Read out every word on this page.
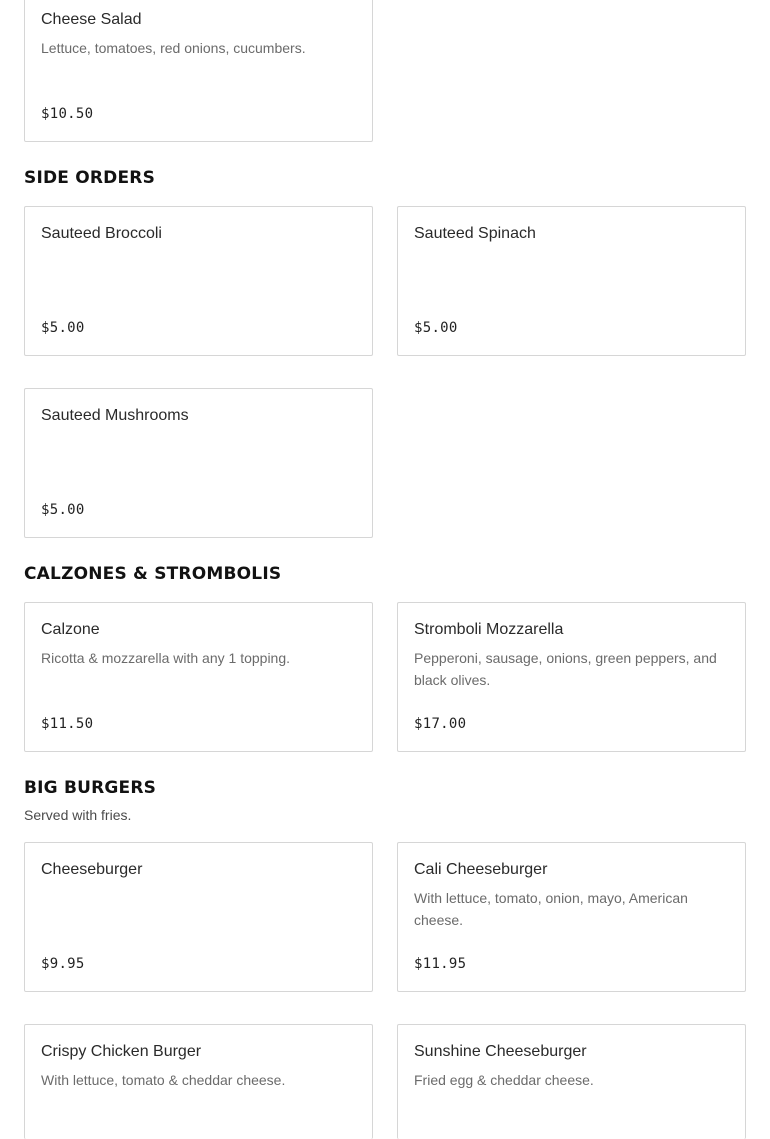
Cheese Salad
Lettuce, tomatoes, red onions, cucumbers.
$10.50
SIDE ORDERS
Sauteed Broccoli
$5.00
Sauteed Spinach
$5.00
Sauteed Mushrooms
$5.00
CALZONES & STROMBOLIS
Calzone
Ricotta & mozzarella with any 1 topping.
$11.50
Stromboli Mozzarella
Pepperoni, sausage, onions, green peppers, and black olives.
$17.00
BIG BURGERS

Served with fries.

Cheeseburger
$9.95
Cali Cheeseburger
With lettuce, tomato, onion, mayo, American cheese.
$11.95
Crispy Chicken Burger
With lettuce, tomato & cheddar cheese.
Sunshine Cheeseburger
Fried egg & cheddar cheese.
